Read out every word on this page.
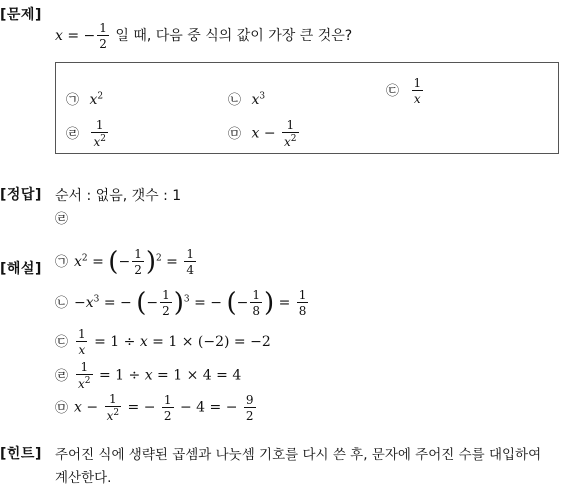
[문제]
x = − $\frac{1}{2}$ 일 때, 다음 중 식의 값이 가장 큰 것은?
㉠ $x^2$	㉡ $x^3$	㉢ $\frac{1}{x}$
㉣ $\frac{1}{x^2}$	㉤ $x - \frac{1}{x^2}$
[정답] 순서 : 없음, 갯수 : 1
㉣
[해설] ㉠ $x^2$ = (− $\frac{1}{2} )^2 = \frac{1}{4}$
㉡ $-x^3$ = − (− $\frac{1}{2} )^3$ = − (− $\frac{1}{8}$ ) = $\frac{1}{8}$
㉢ $\frac{1}{x} = 1 \div x = 1 \times (-2) = -2$
㉣ $\frac{1}{x^2} = 1 \div x = 1 \times 4 = 4$
㉤ $x - \frac{1}{x^2}$ = − $\frac{1}{2} - 4$ = − $\frac{9}{2}$
[힌트] 주어진 식에 생략된 곱셈과 나눗셈 기호를 다시 쓴 후, 문자에 주어진 수를 대입하여
계산한다.
